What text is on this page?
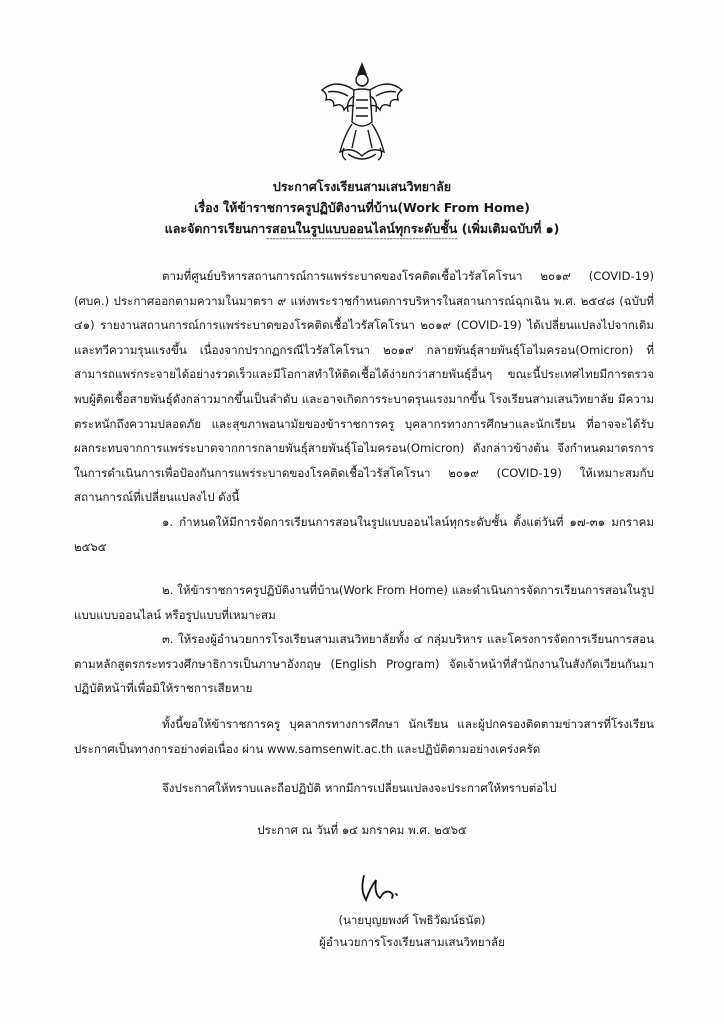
ประกาศโรงเรียนสามเสนวิทยาลัย
เรื่อง ให้ข้าราชการครูปฏิบัติงานที่บ้าน(Work From Home)
และจัดการเรียนการสอนในรูปแบบออนไลน์ทุกระดับชั้น (เพิ่มเติมฉบับที่ ๑)
-----------------------------------------------------------
ตามที่ศูนย์บริหารสถานการณ์การแพร่ระบาดของโรคติดเชื้อไวรัสโคโรนา ๒๐๑๙ (COVID-19) (ศบค.) ประกาศออกตามความในมาตรา ๙ แห่งพระราชกำหนดการบริหารในสถานการณ์ฉุกเฉิน พ.ศ. ๒๕๔๘ (ฉบับที่ ๔๑) รายงานสถานการณ์การแพร่ระบาดของโรคติดเชื้อไวรัสโคโรนา ๒๐๑๙ (COVID-19) ได้เปลี่ยนแปลงไปจากเดิมและทวีความรุนแรงขึ้น เนื่องจากปรากฏกรณีไวรัสโคโรนา ๒๐๑๙ กลายพันธุ์สายพันธุ์โอไมครอน(Omicron) ที่สามารถแพร่กระจายได้อย่างรวดเร็วและมีโอกาสทำให้ติดเชื้อได้ง่ายกว่าสายพันธุ์อื่นๆ ขณะนี้ประเทศไทยมีการตรวจพบผู้ติดเชื้อสายพันธุ์ดังกล่าวมากขึ้นเป็นลำดับ และอาจเกิดการระบาดรุนแรงมากขึ้น โรงเรียนสามเสนวิทยาลัย มีความตระหนักถึงความปลอดภัย และสุขภาพอนามัยของข้าราชการครู บุคลากรทางการศึกษาและนักเรียน ที่อาจจะได้รับผลกระทบจากการแพร่ระบาดจากการกลายพันธุ์สายพันธุ์โอไมครอน(Omicron) ดังกล่าวข้างต้น จึงกำหนดมาตรการในการดำเนินการเพื่อป้องกันการแพร่ระบาดของโรคติดเชื้อไวรัสโคโรนา ๒๐๑๙ (COVID-19) ให้เหมาะสมกับสถานการณ์ที่เปลี่ยนแปลงไป ดังนี้
๑. กำหนดให้มีการจัดการเรียนการสอนในรูปแบบออนไลน์ทุกระดับชั้น ตั้งแต่วันที่ ๑๗-๓๑ มกราคม ๒๕๖๕
๒. ให้ข้าราชการครูปฏิบัติงานที่บ้าน(Work From Home) และดำเนินการจัดการเรียนการสอนในรูปแบบแบบออนไลน์ หรือรูปแบบที่เหมาะสม
๓. ให้รองผู้อำนวยการโรงเรียนสามเสนวิทยาลัยทั้ง ๔ กลุ่มบริหาร และโครงการจัดการเรียนการสอนตามหลักสูตรกระทรวงศึกษาธิการเป็นภาษาอังกฤษ (English Program) จัดเจ้าหน้าที่สำนักงานในสังกัดเวียนกันมาปฏิบัติหน้าที่เพื่อมิให้ราชการเสียหาย
ทั้งนี้ขอให้ข้าราชการครู บุคลากรทางการศึกษา นักเรียน และผู้ปกครองติดตามข่าวสารที่โรงเรียนประกาศเป็นทางการอย่างต่อเนื่อง ผ่าน www.samsenwit.ac.th และปฏิบัติตามอย่างเคร่งครัด
จึงประกาศให้ทราบและถือปฏิบัติ หากมีการเปลี่ยนแปลงจะประกาศให้ทราบต่อไป
ประกาศ ณ วันที่ ๑๔ มกราคม พ.ศ. ๒๕๖๕
(นายบุญยพงศ์ โพธิวัฒน์ธนัต)
ผู้อำนวยการโรงเรียนสามเสนวิทยาลัย
